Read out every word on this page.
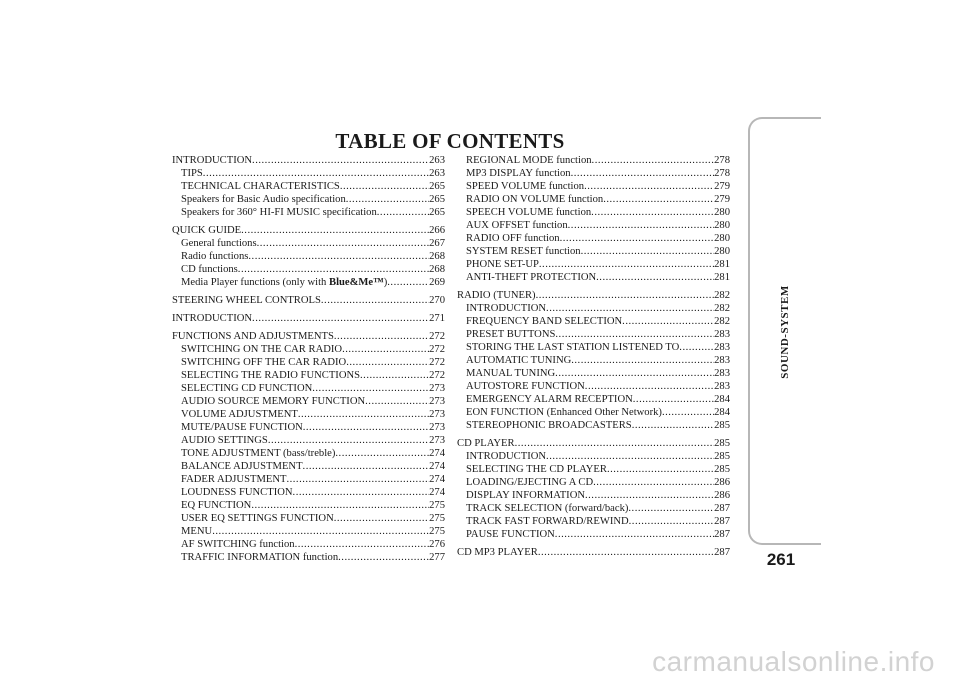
TABLE OF CONTENTS
INTRODUCTION .....	263
TIPS .....	263
TECHNICAL CHARACTERISTICS .....	265
Speakers for Basic Audio specification .....	265
Speakers for 360° HI-FI MUSIC specification .....	265
QUICK GUIDE .....	266
General functions .....	267
Radio functions .....	268
CD functions .....	268
Media Player functions (only with Blue&Me™) .....	269
STEERING WHEEL CONTROLS .....	270
INTRODUCTION .....	271
FUNCTIONS AND ADJUSTMENTS .....	272
SWITCHING ON THE CAR RADIO .....	272
SWITCHING OFF THE CAR RADIO .....	272
SELECTING THE RADIO FUNCTIONS .....	272
SELECTING CD FUNCTION .....	273
AUDIO SOURCE MEMORY FUNCTION .....	273
VOLUME ADJUSTMENT .....	273
MUTE/PAUSE FUNCTION .....	273
AUDIO SETTINGS .....	273
TONE ADJUSTMENT (bass/treble) .....	274
BALANCE ADJUSTMENT .....	274
FADER ADJUSTMENT .....	274
LOUDNESS FUNCTION .....	274
EQ FUNCTION .....	275
USER EQ SETTINGS FUNCTION .....	275
MENU .....	275
AF SWITCHING function .....	276
TRAFFIC INFORMATION function .....	277
REGIONAL MODE function .....	278
MP3 DISPLAY function .....	278
SPEED VOLUME function .....	279
RADIO ON VOLUME function .....	279
SPEECH VOLUME function .....	280
AUX OFFSET function .....	280
RADIO OFF function .....	280
SYSTEM RESET function .....	280
PHONE SET-UP .....	281
ANTI-THEFT PROTECTION .....	281
RADIO (TUNER) .....	282
INTRODUCTION .....	282
FREQUENCY BAND SELECTION .....	282
PRESET BUTTONS .....	283
STORING THE LAST STATION LISTENED TO .....	283
AUTOMATIC TUNING .....	283
MANUAL TUNING .....	283
AUTOSTORE FUNCTION .....	283
EMERGENCY ALARM RECEPTION .....	284
EON FUNCTION (Enhanced Other Network) .....	284
STEREOPHONIC BROADCASTERS .....	285
CD PLAYER .....	285
INTRODUCTION .....	285
SELECTING THE CD PLAYER .....	285
LOADING/EJECTING A CD .....	286
DISPLAY INFORMATION .....	286
TRACK SELECTION (forward/back) .....	287
TRACK FAST FORWARD/REWIND .....	287
PAUSE FUNCTION .....	287
CD MP3 PLAYER .....	287
SOUND-SYSTEM
261
carmanualsonline.info
